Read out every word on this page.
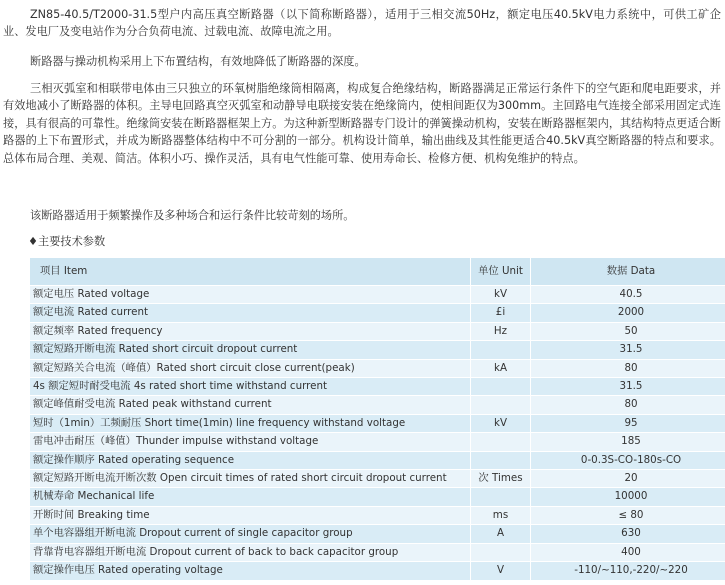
ZN85-40.5/T2000-31.5型户内高压真空断路器（以下简称断路器），适用于三相交流50Hz，额定电压40.5kV电力系统中，可供工矿企业、发电厂及变电站作为分合负荷电流、过载电流、故障电流之用。

断路器与操动机构采用上下布置结构，有效地降低了断路器的深度。

三相灭弧室和相联带电体由三只独立的环氧树脂绝缘筒相隔离，构成复合绝缘结构，断路器满足正常运行条件下的空气距和爬电距要求，并有效地减小了断路器的体积。主导电回路真空灭弧室和动静导电联接安装在绝缘筒内，使相间距仅为300mm。主回路电气连接全部采用固定式连接，具有很高的可靠性。绝缘筒安装在断路器框架上方。为这种新型断路器专门设计的弹簧操动机构，安装在断路器框架内，其结构特点更适合断路器的上下布置形式，并成为断路器整体结构中不可分割的一部分。机构设计简单，输出曲线及其性能更适合40.5kV真空断路器的特点和要求。总体布局合理、美观、简洁。体积小巧、操作灵活，具有电气性能可靠、使用寿命长、检修方便、机构免维护的特点。

该断路器适用于频繁操作及多种场合和运行条件比较苛刻的场所。

♦主要技术参数

项目 Item	单位 Unit	数据 Data
额定电压 Rated voltage	kV	40.5
额定电流 Rated current	£i	2000
额定频率 Rated frequency	Hz	50
额定短路开断电流 Rated short circuit dropout current		31.5
额定短路关合电流（峰值）Rated short circuit close current(peak)	kA	80
4s 额定短时耐受电流 4s rated short time withstand current		31.5
额定峰值耐受电流 Rated peak withstand current		80
短时（1min）工频耐压 Short time(1min) line frequency withstand voltage	kV	95
雷电冲击耐压（峰值）Thunder impulse withstand voltage		185
额定操作顺序 Rated operating sequence		0-0.3S-CO-180s-CO
额定短路开断电流开断次数 Open circuit times of rated short circuit dropout current	次 Times	20
机械寿命 Mechanical life		10000
开断时间 Breaking time	ms	≤ 80
单个电容器组开断电流 Dropout current of single capacitor group	A	630
背靠背电容器组开断电流 Dropout current of back to back capacitor group		400
额定操作电压 Rated operating voltage	V	-110/~110,-220/~220
